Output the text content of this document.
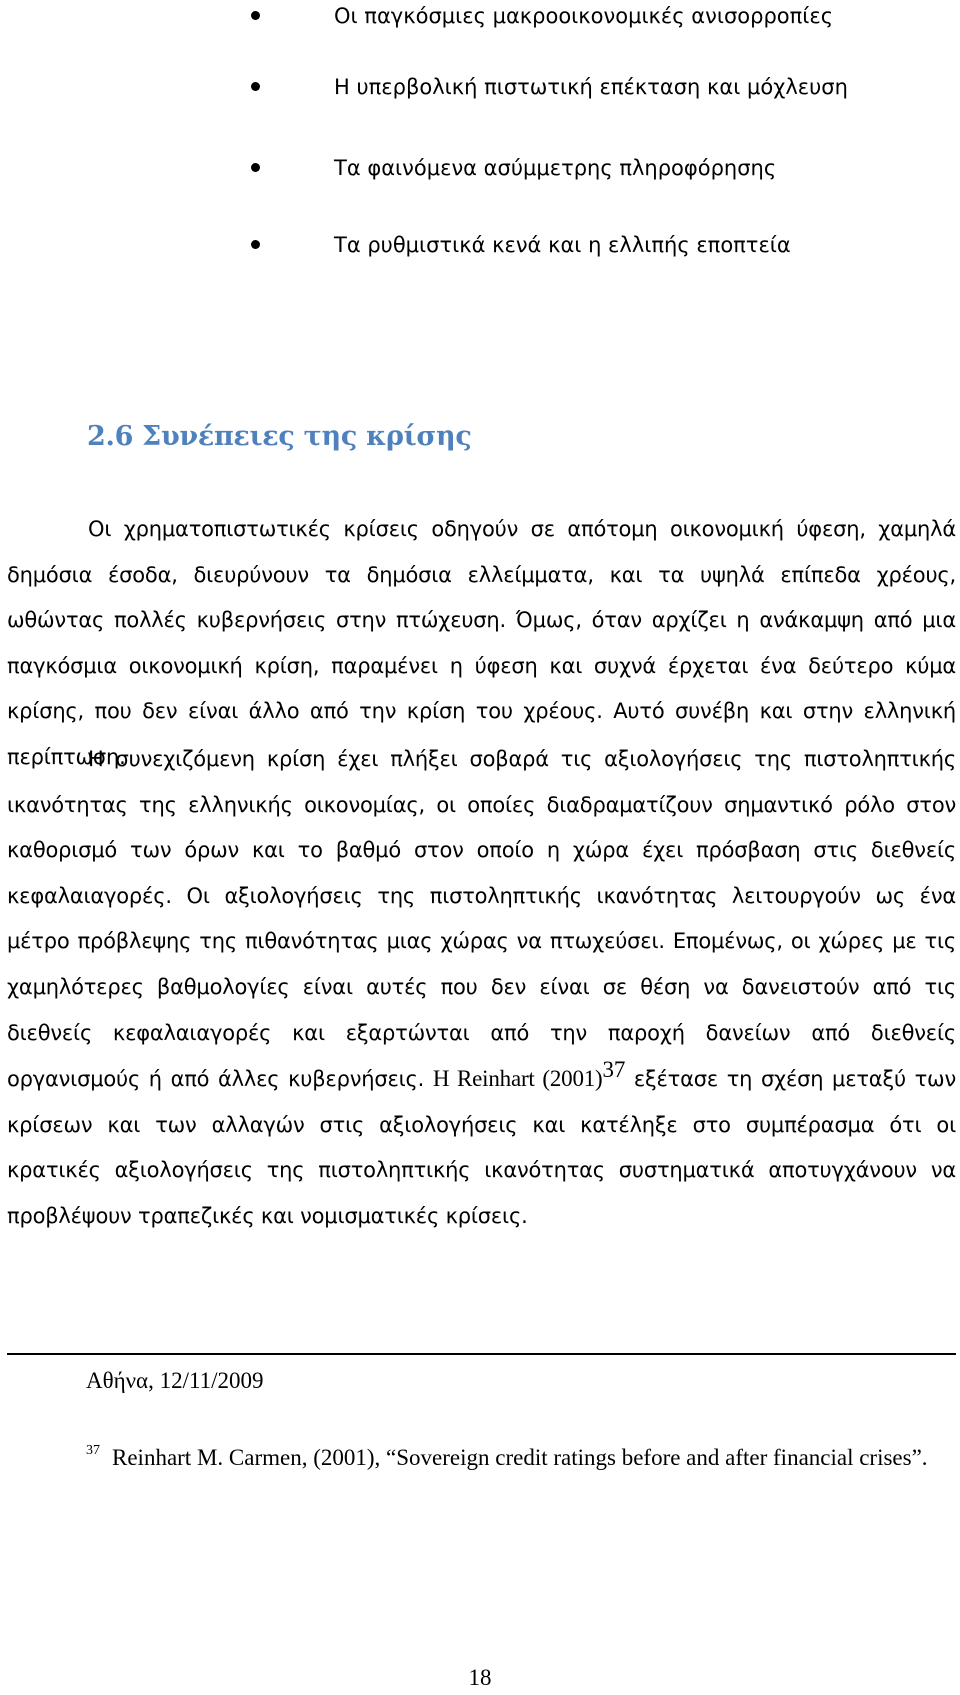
Οι παγκόσμιες μακροοικονομικές ανισορροπίες
Η υπερβολική πιστωτική επέκταση και μόχλευση
Τα φαινόμενα ασύμμετρης πληροφόρησης
Τα ρυθμιστικά κενά και η ελλιπής εποπτεία
2.6 Συνέπειες της κρίσης

Οι χρηματοπιστωτικές κρίσεις οδηγούν σε απότομη οικονομική ύφεση, χαμηλά δημόσια έσοδα, διευρύνουν τα δημόσια ελλείμματα, και τα υψηλά επίπεδα χρέους, ωθώντας πολλές κυβερνήσεις στην πτώχευση. Όμως, όταν αρχίζει η ανάκαμψη από μια παγκόσμια οικονομική κρίση, παραμένει η ύφεση και συχνά έρχεται ένα δεύτερο κύμα κρίσης, που δεν είναι άλλο από την κρίση του χρέους. Αυτό συνέβη και στην ελληνική περίπτωση.

Η συνεχιζόμενη κρίση έχει πλήξει σοβαρά τις αξιολογήσεις της πιστοληπτικής ικανότητας της ελληνικής οικονομίας, οι οποίες διαδραματίζουν σημαντικό ρόλο στον καθορισμό των όρων και το βαθμό στον οποίο η χώρα έχει πρόσβαση στις διεθνείς κεφαλαιαγορές. Οι αξιολογήσεις της πιστοληπτικής ικανότητας λειτουργούν ως ένα μέτρο πρόβλεψης της πιθανότητας μιας χώρας να πτωχεύσει. Επομένως, οι χώρες με τις χαμηλότερες βαθμολογίες είναι αυτές που δεν είναι σε θέση να δανειστούν από τις διεθνείς κεφαλαιαγορές και εξαρτώνται από την παροχή δανείων από διεθνείς οργανισμούς ή από άλλες κυβερνήσεις. Η Reinhart $(2001)^{37}$ εξέτασε τη σχέση μεταξύ των κρίσεων και των αλλαγών στις αξιολογήσεις και κατέληξε στο συμπέρασμα ότι οι κρατικές αξιολογήσεις της πιστοληπτικής ικανότητας συστηματικά αποτυγχάνουν να προβλέψουν τραπεζικές και νομισματικές κρίσεις.

Αθήνα, 12/11/2009

$^{37}$ Reinhart M. Carmen, (2001), “Sovereign credit ratings before and after financial crises”.

18
